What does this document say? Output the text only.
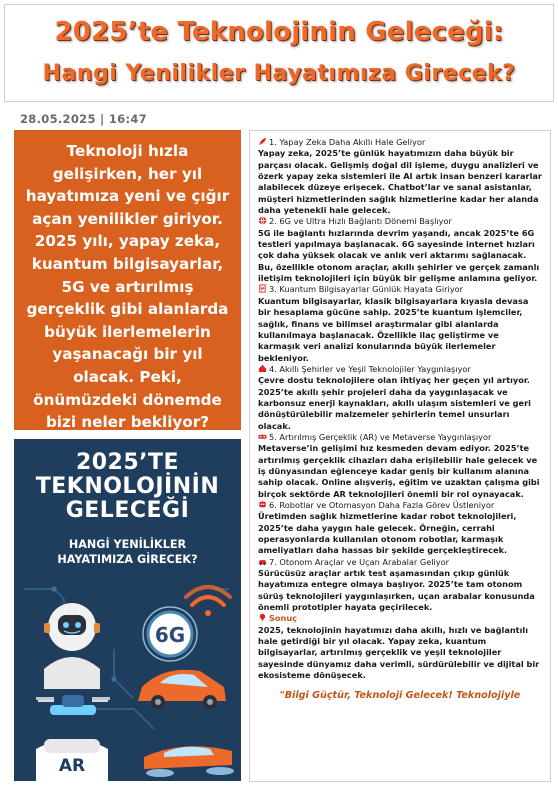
2025’te Teknolojinin Geleceği:
Hangi Yenilikler Hayatımıza Girecek?
28.05.2025 | 16:47
Teknoloji hızla gelişirken, her yıl hayatımıza yeni ve çığır açan yenilikler giriyor. 2025 yılı, yapay zeka, kuantum bilgisayarlar, 5G ve artırılmış gerçeklik gibi alanlarda büyük ilerlemelerin yaşanacağı bir yıl olacak. Peki, önümüzdeki dönemde bizi neler bekliyor?
2025’TE
TEKNOLOJİNİN
GELECEĞİ
HANGİ YENİLİKLER
HAYATIMIZA GİRECEK?
6G
AR
1. Yapay Zeka Daha Akıllı Hale Geliyor
Yapay zeka, 2025’te günlük hayatımızın daha büyük bir parçası olacak. Gelişmiş doğal dil işleme, duygu analizleri ve özerk yapay zeka sistemleri ile AI artık insan benzeri kararlar alabilecek düzeye erişecek. Chatbot’lar ve sanal asistanlar, müşteri hizmetlerinden sağlık hizmetlerine kadar her alanda daha yetenekli hale gelecek.
2. 6G ve Ultra Hızlı Bağlantı Dönemi Başlıyor
5G ile bağlantı hızlarında devrim yaşandı, ancak 2025’te 6G testleri yapılmaya başlanacak. 6G sayesinde internet hızları çok daha yüksek olacak ve anlık veri aktarımı sağlanacak. Bu, özellikle otonom araçlar, akıllı şehirler ve gerçek zamanlı iletişim teknolojileri için büyük bir gelişme anlamına geliyor.
3. Kuantum Bilgisayarlar Günlük Hayata Giriyor
Kuantum bilgisayarlar, klasik bilgisayarlara kıyasla devasa bir hesaplama gücüne sahip. 2025’te kuantum işlemciler, sağlık, finans ve bilimsel araştırmalar gibi alanlarda kullanılmaya başlanacak. Özellikle ilaç geliştirme ve karmaşık veri analizi konularında büyük ilerlemeler bekleniyor.
4. Akıllı Şehirler ve Yeşil Teknolojiler Yaygınlaşıyor
Çevre dostu teknolojilere olan ihtiyaç her geçen yıl artıyor. 2025’te akıllı şehir projeleri daha da yaygınlaşacak ve karbonsuz enerji kaynakları, akıllı ulaşım sistemleri ve geri dönüştürülebilir malzemeler şehirlerin temel unsurları olacak.
5. Artırılmış Gerçeklik (AR) ve Metaverse Yaygınlaşıyor
Metaverse’in gelişimi hız kesmeden devam ediyor. 2025’te artırılmış gerçeklik cihazları daha erişilebilir hale gelecek ve iş dünyasından eğlenceye kadar geniş bir kullanım alanına sahip olacak. Online alışveriş, eğitim ve uzaktan çalışma gibi birçok sektörde AR teknolojileri önemli bir rol oynayacak.
6. Robotlar ve Otomasyon Daha Fazla Görev Üstleniyor
Üretimden sağlık hizmetlerine kadar robot teknolojileri, 2025’te daha yaygın hale gelecek. Örneğin, cerrahi operasyonlarda kullanılan otonom robotlar, karmaşık ameliyatları daha hassas bir şekilde gerçekleştirecek.
7. Otonom Araçlar ve Uçan Arabalar Geliyor
Sürücüsüz araçlar artık test aşamasından çıkıp günlük hayatımıza entegre olmaya başlıyor. 2025’te tam otonom sürüş teknolojileri yaygınlaşırken, uçan arabalar konusunda önemli prototipler hayata geçirilecek.
Sonuç
2025, teknolojinin hayatımızı daha akıllı, hızlı ve bağlantılı hale getirdiği bir yıl olacak. Yapay zeka, kuantum bilgisayarlar, artırılmış gerçeklik ve yeşil teknolojiler sayesinde dünyamız daha verimli, sürdürülebilir ve dijital bir ekosisteme dönüşecek.
"Bilgi Güçtür, Teknoloji Gelecek! Teknolojiyle
